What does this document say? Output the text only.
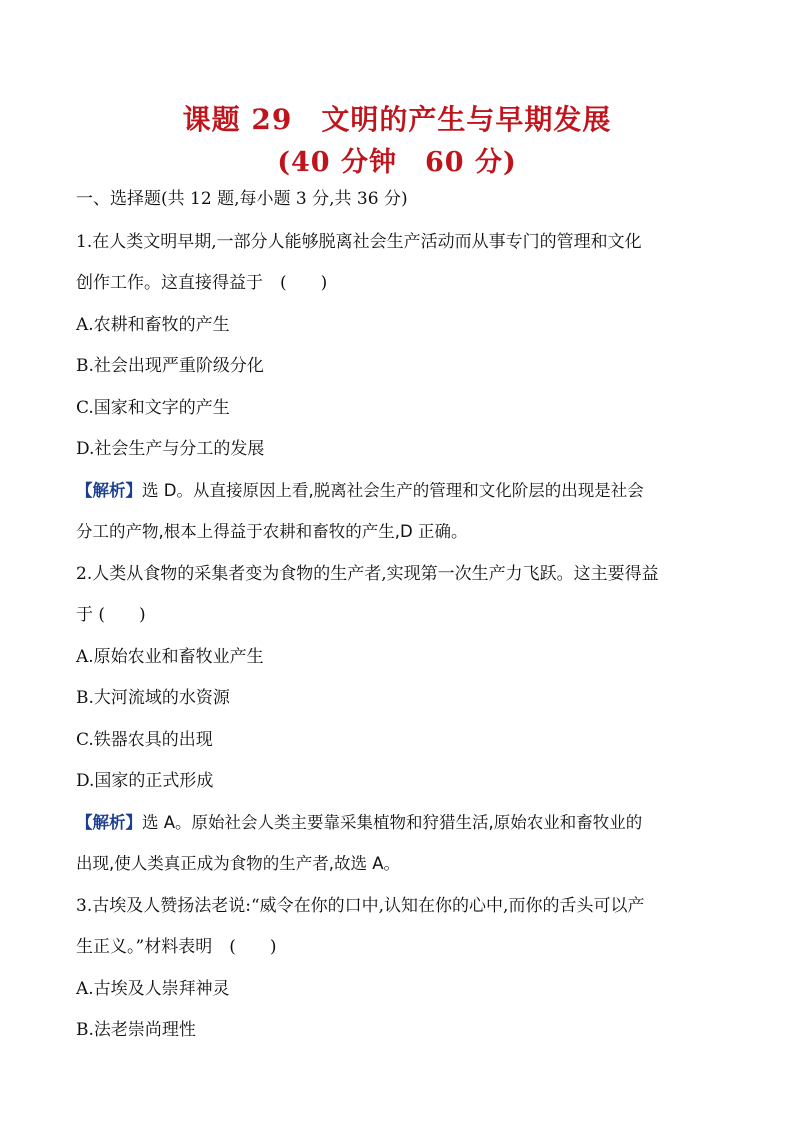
课题 29　文明的产生与早期发展
(40 分钟　60 分)
一、选择题(共 12 题,每小题 3 分,共 36 分)
1.在人类文明早期,一部分人能够脱离社会生产活动而从事专门的管理和文化
创作工作。这直接得益于　(　　)
A.农耕和畜牧的产生
B.社会出现严重阶级分化
C.国家和文字的产生
D.社会生产与分工的发展
【解析】选 D。从直接原因上看,脱离社会生产的管理和文化阶层的出现是社会
分工的产物,根本上得益于农耕和畜牧的产生,D 正确。
2.人类从食物的采集者变为食物的生产者,实现第一次生产力飞跃。这主要得益
于 (　　)
A.原始农业和畜牧业产生
B.大河流域的水资源
C.铁器农具的出现
D.国家的正式形成
【解析】选 A。原始社会人类主要靠采集植物和狩猎生活,原始农业和畜牧业的
出现,使人类真正成为食物的生产者,故选 A。
3.古埃及人赞扬法老说:“威令在你的口中,认知在你的心中,而你的舌头可以产
生正义。”材料表明　(　　)
A.古埃及人崇拜神灵
B.法老崇尚理性
